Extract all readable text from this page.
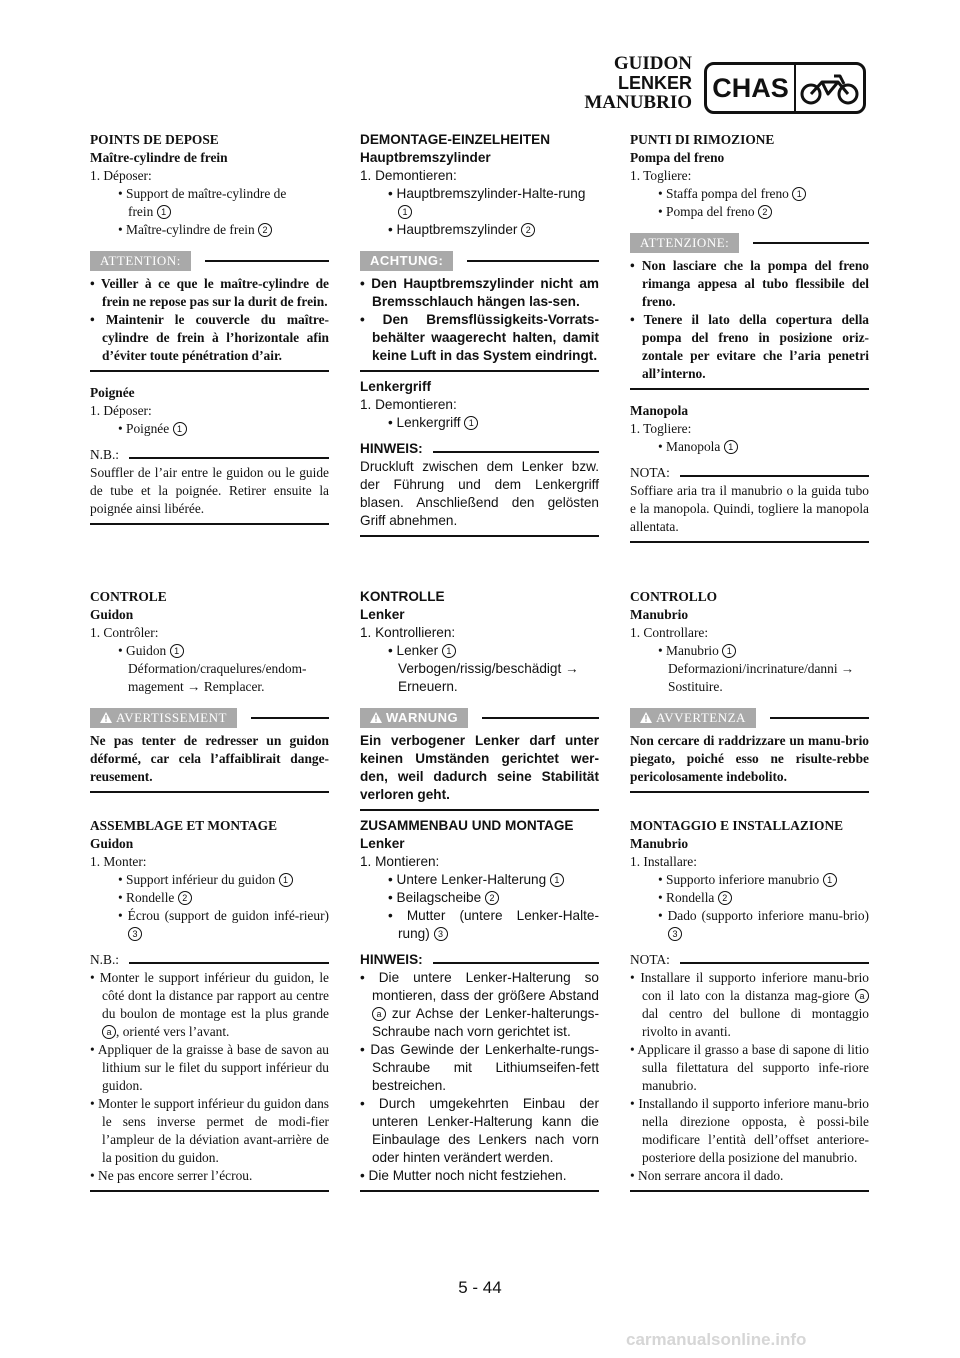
GUIDON
LENKER
MANUBRIO CHAS
POINTS DE DEPOSE
Maître-cylindre de frein
1. Déposer:
• Support de maître-cylindre de
frein 1
• Maître-cylindre de frein 2
ATTENTION:
• Veiller à ce que le maître-cylindre de frein ne repose pas sur la durit de frein.
• Maintenir le couvercle du maître-cylindre de frein à l’horizontale afin d’éviter toute pénétration d’air.
Poignée
1. Déposer:
• Poignée 1
N.B.:
Souffler de l’air entre le guidon ou le guide de tube et la poignée. Retirer ensuite la poignée ainsi libérée.
CONTROLE
Guidon
1. Contrôler:
• Guidon 1
Déformation/craquelures/endom-magement → Remplacer.
AVERTISSEMENT
Ne pas tenter de redresser un guidon déformé, car cela l’affaiblirait dange-reusement.
ASSEMBLAGE ET MONTAGE
Guidon
1. Monter:
• Support inférieur du guidon 1
• Rondelle 2
• Écrou (support de guidon infé-rieur) 3
N.B.:
• Monter le support inférieur du guidon, le côté dont la distance par rapport au centre du boulon de montage est la plus grande a , orienté vers l’avant.
• Appliquer de la graisse à base de savon au lithium sur le filet du support inférieur du guidon.
• Monter le support inférieur du guidon dans le sens inverse permet de modi-fier l’ampleur de la déviation avant-arrière de la position du guidon.
• Ne pas encore serrer l’écrou.
DEMONTAGE-EINZELHEITEN
Hauptbremszylinder
1. Demontieren:
• Hauptbremszylinder-Halte-rung 1
• Hauptbremszylinder 2
ACHTUNG:
• Den Hauptbremszylinder nicht am Bremsschlauch hängen las-sen.
• Den Bremsflüssigkeits-Vorrats-behälter waagerecht halten, damit keine Luft in das System eindringt.
Lenkergriff
1. Demontieren:
• Lenkergriff 1
HINWEIS:
Druckluft zwischen dem Lenker bzw. der Führung und dem Lenkergriff blasen. Anschließend den gelösten Griff abnehmen.
KONTROLLE
Lenker
1. Kontrollieren:
• Lenker 1
Verbogen/rissig/beschädigt → Erneuern.
WARNUNG
Ein verbogener Lenker darf unter keinen Umständen gerichtet wer-den, weil dadurch seine Stabilität verloren geht.
ZUSAMMENBAU UND MONTAGE
Lenker
1. Montieren:
• Untere Lenker-Halterung 1
• Beilagscheibe 2
• Mutter (untere Lenker-Halte-rung) 3
HINWEIS:
• Die untere Lenker-Halterung so montieren, dass der größere Abstand a zur Achse der Lenker-halterungs-Schraube nach vorn gerichtet ist.
• Das Gewinde der Lenkerhalte-rungs-Schraube mit Lithiumseifen-fett bestreichen.
• Durch umgekehrten Einbau der unteren Lenker-Halterung kann die Einbaulage des Lenkers nach vorn oder hinten verändert werden.
• Die Mutter noch nicht festziehen.
PUNTI DI RIMOZIONE
Pompa del freno
1. Togliere:
• Staffa pompa del freno 1
• Pompa del freno 2
ATTENZIONE:
• Non lasciare che la pompa del freno rimanga appesa al tubo flessibile del freno.
• Tenere il lato della copertura della pompa del freno in posizione oriz-zontale per evitare che l’aria penetri all’interno.
Manopola
1. Togliere:
• Manopola 1
NOTA:
Soffiare aria tra il manubrio o la guida tubo e la manopola. Quindi, togliere la manopola allentata.
CONTROLLO
Manubrio
1. Controllare:
• Manubrio 1
Deformazioni/incrinature/danni → Sostituire.
AVVERTENZA
Non cercare di raddrizzare un manu-brio piegato, poiché esso ne risulte-rebbe pericolosamente indebolito.
MONTAGGIO E INSTALLAZIONE
Manubrio
1. Installare:
• Supporto inferiore manubrio 1
• Rondella 2
• Dado (supporto inferiore manu-brio) 3
NOTA:
• Installare il supporto inferiore manu-brio con il lato con la distanza mag-giore a dal centro del bullone di montaggio rivolto in avanti.
• Applicare il grasso a base di sapone di litio sulla filettatura del supporto infe-riore manubrio.
• Installando il supporto inferiore manu-brio nella direzione opposta, è possi-bile modificare l’entità dell’offset anteriore-posteriore della posizione del manubrio.
• Non serrare ancora il dado.
5 - 44
carmanualsonline.info
